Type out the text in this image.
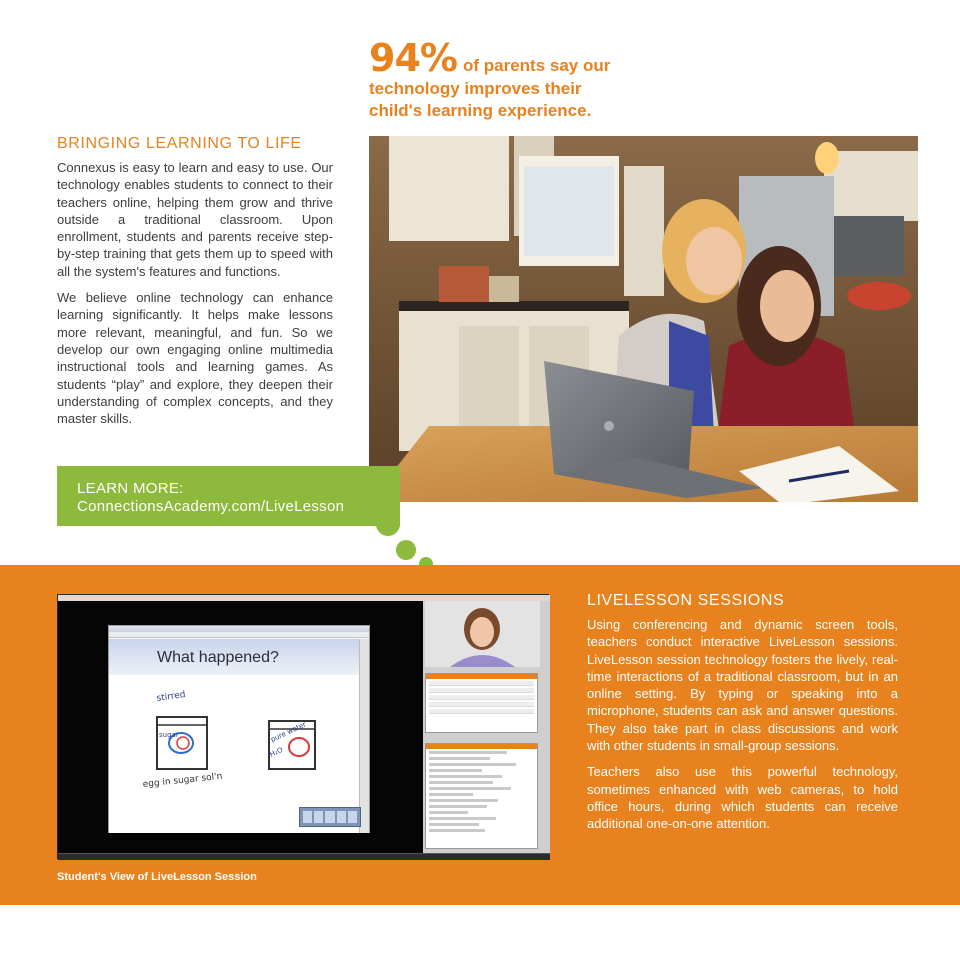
94% of parents say our
technology improves their
child's learning experience.
BRINGING LEARNING TO LIFE

Connexus is easy to learn and easy to use. Our technology enables students to connect to their teachers online, helping them grow and thrive outside a traditional classroom. Upon enrollment, students and parents receive step-by-step training that gets them up to speed with all the system's features and functions.

We believe online technology can enhance learning significantly. It helps make lessons more relevant, meaningful, and fun. So we develop our own engaging online multimedia instructional tools and learning games. As students “play” and explore, they deepen their understanding of complex concepts, and they master skills.

LEARN MORE:
ConnectionsAcademy.com/LiveLesson
What happened?
stirred
sugar	pure water
H₂O
egg in sugar sol'n
Student's View of LiveLesson Session
LIVELESSON SESSIONS

Using conferencing and dynamic screen tools, teachers conduct interactive LiveLesson sessions. LiveLesson session technology fosters the lively, real-time interactions of a traditional classroom, but in an online setting. By typing or speaking into a microphone, students can ask and answer questions. They also take part in class discussions and work with other students in small-group sessions.

Teachers also use this powerful technology, sometimes enhanced with web cameras, to hold office hours, during which students can receive additional one-on-one attention.
